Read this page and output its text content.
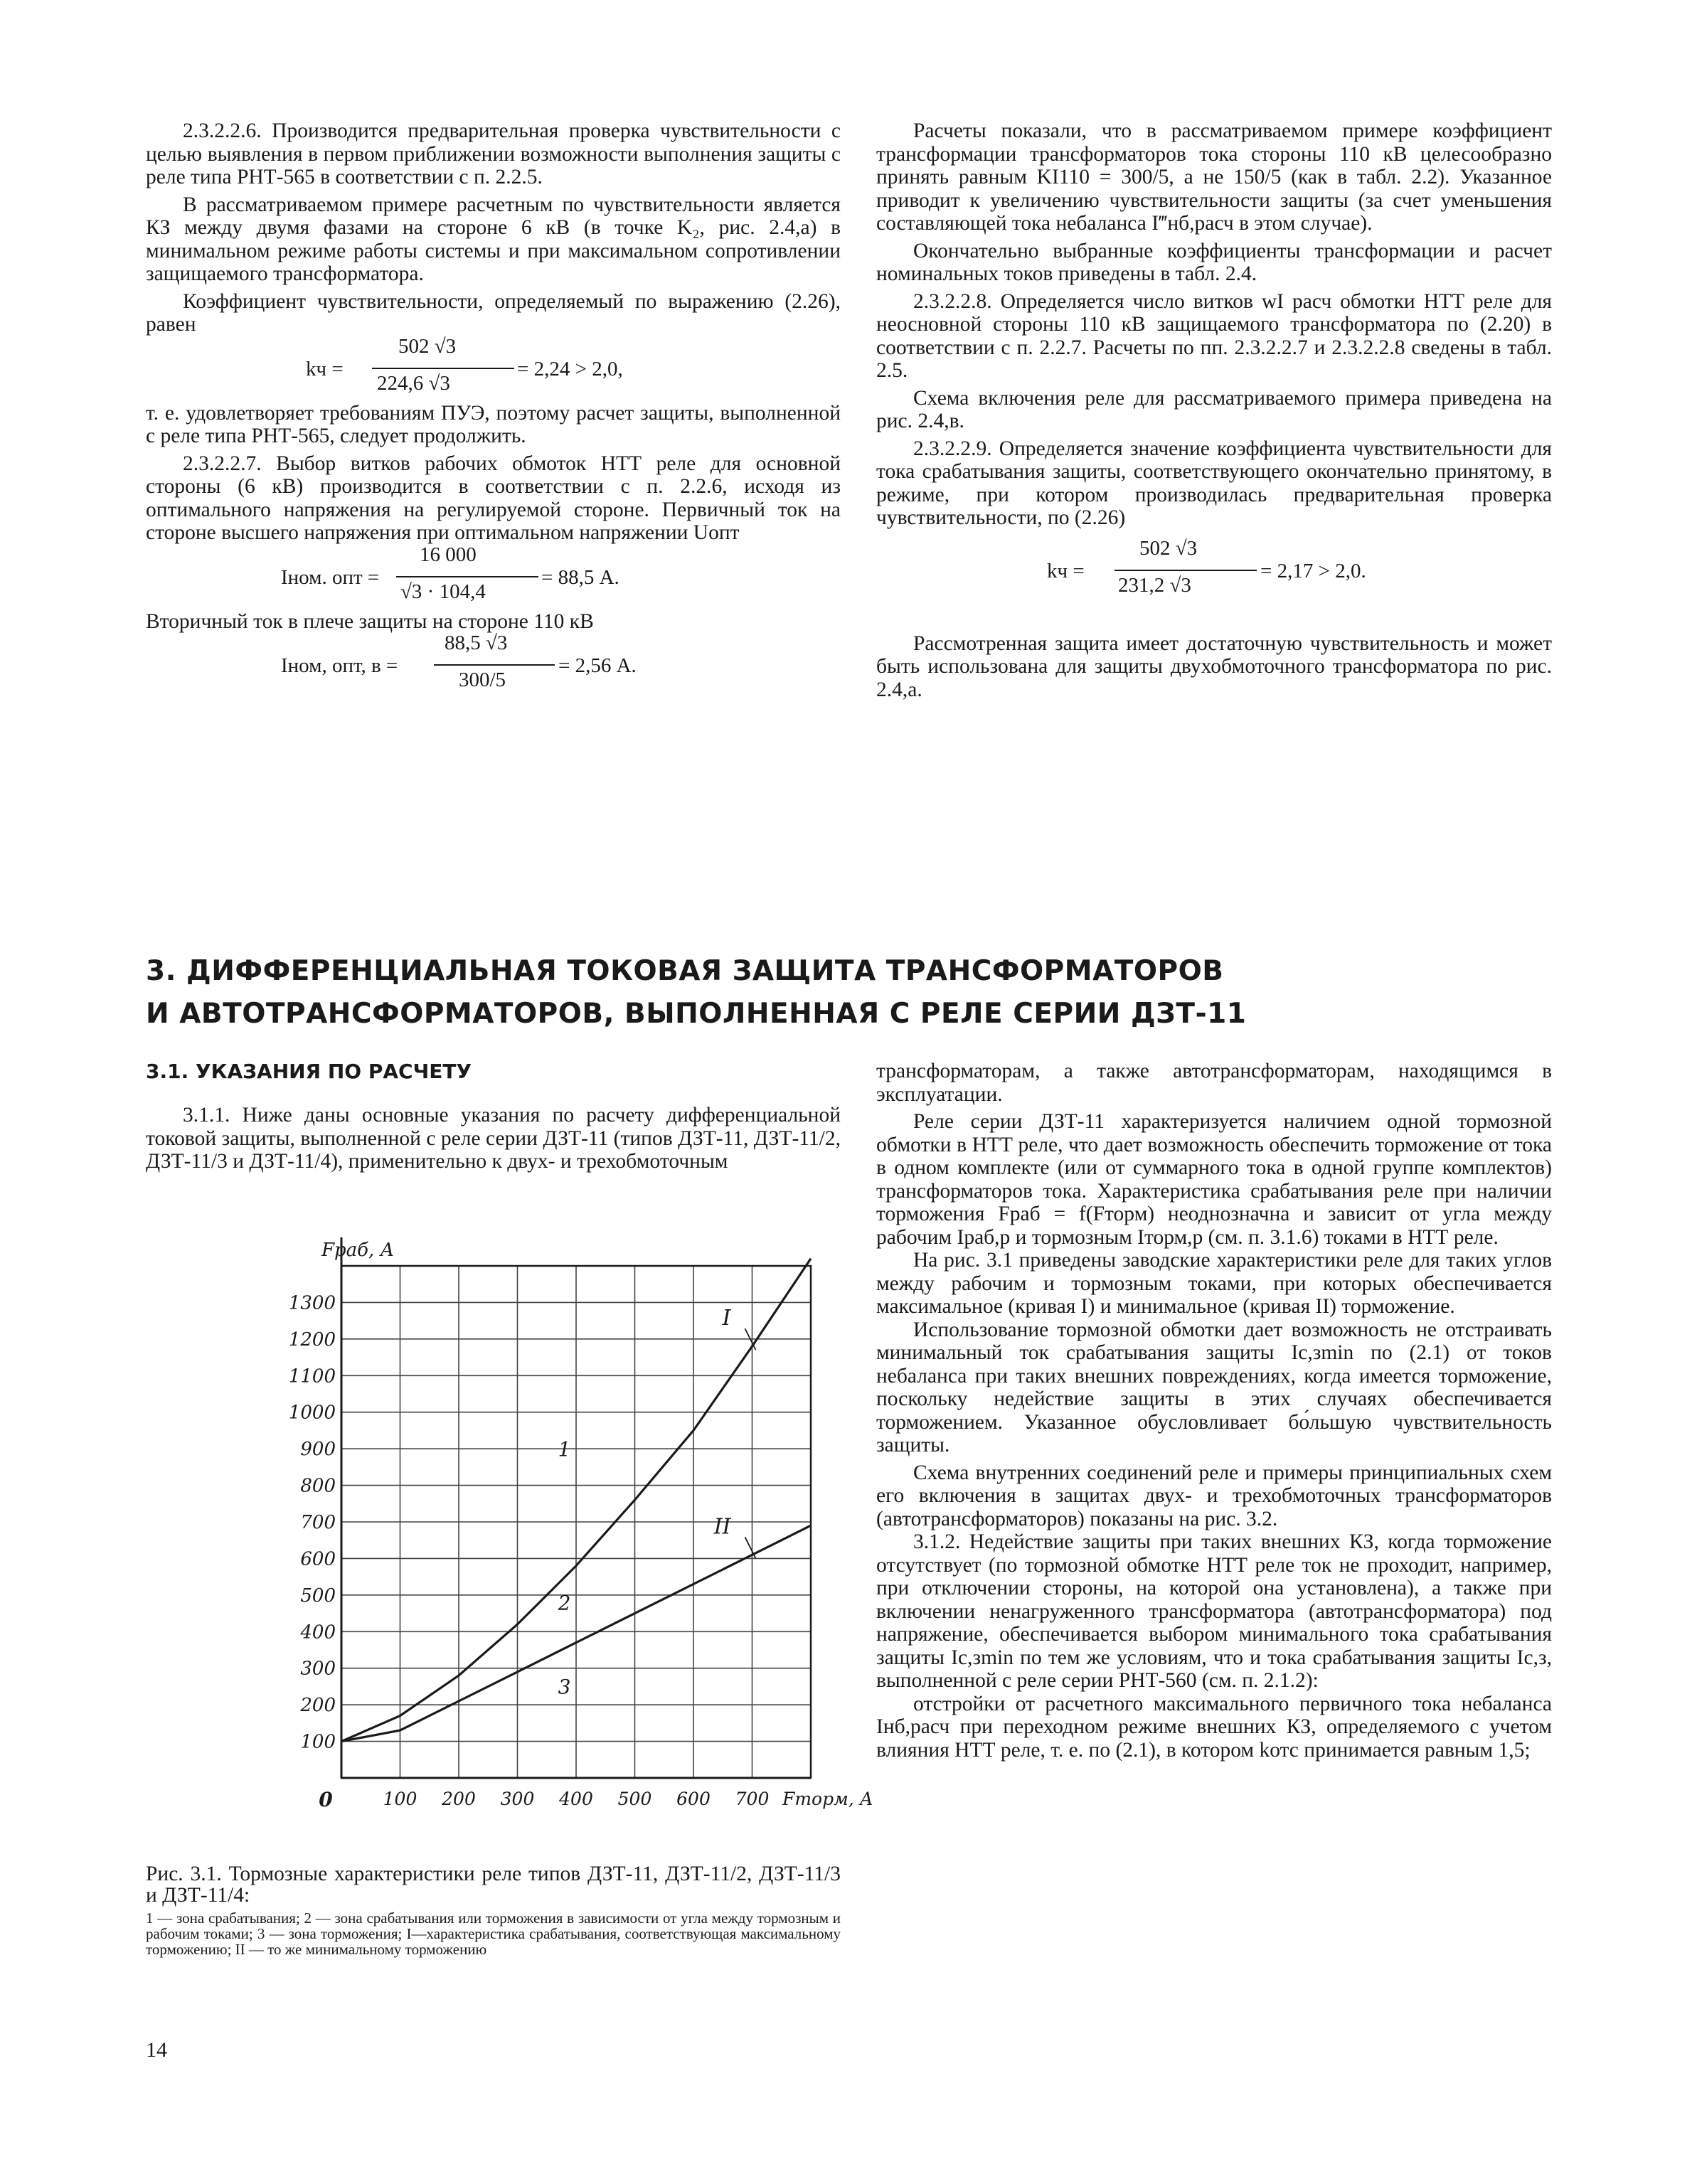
2.3.2.2.6. Производится предварительная проверка чувствительности с целью выявления в первом приближении возможности выполнения защиты с реле типа РНТ-565 в соответствии с п. 2.2.5.

В рассматриваемом примере расчетным по чувствительности является КЗ между двумя фазами на стороне 6 кВ (в точке K₂, рис. 2.4,а) в минимальном режиме работы системы и при максимальном сопротивлении защищаемого трансформатора.

Коэффициент чувствительности, определяемый по выражению (2.26), равен

kч =
502 √3
224,6 √3
= 2,24 > 2,0,

т. е. удовлетворяет требованиям ПУЭ, поэтому расчет защиты, выполненной с реле типа РНТ-565, следует продолжить.

2.3.2.2.7. Выбор витков рабочих обмоток НТТ реле для основной стороны (6 кВ) производится в соответствии с п. 2.2.6, исходя из оптимального напряжения на регулируемой стороне. Первичный ток на стороне высшего напряжения при оптимальном напряжении Uопт

Iном. опт =
16 000
√3 · 104,4
= 88,5 А.

Вторичный ток в плече защиты на стороне 110 кВ

Iном, опт, в =
88,5 √3
300/5
= 2,56 А.

Расчеты показали, что в рассматриваемом примере коэффициент трансформации трансформаторов тока стороны 110 кВ целесообразно принять равным KI110 = 300/5, а не 150/5 (как в табл. 2.2). Указанное приводит к увеличению чувствительности защиты (за счет уменьшения составляющей тока небаланса I‴нб,расч в этом случае).

Окончательно выбранные коэффициенты трансформации и расчет номинальных токов приведены в табл. 2.4.

2.3.2.2.8. Определяется число витков wI расч обмотки НТТ реле для неосновной стороны 110 кВ защищаемого трансформатора по (2.20) в соответствии с п. 2.2.7. Расчеты по пп. 2.3.2.2.7 и 2.3.2.2.8 сведены в табл. 2.5.

Схема включения реле для рассматриваемого примера приведена на рис. 2.4,в.

2.3.2.2.9. Определяется значение коэффициента чувствительности для тока срабатывания защиты, соответствующего окончательно принятому, в режиме, при котором производилась предварительная проверка чувствительности, по (2.26)

kч =
502 √3
231,2 √3
= 2,17 > 2,0.

Рассмотренная защита имеет достаточную чувствительность и может быть использована для защиты двухобмоточного трансформатора по рис. 2.4,а.

3. ДИФФЕРЕНЦИАЛЬНАЯ ТОКОВАЯ ЗАЩИТА ТРАНСФОРМАТОРОВ
И АВТОТРАНСФОРМАТОРОВ, ВЫПОЛНЕННАЯ С РЕЛЕ СЕРИИ ДЗТ-11
3.1. УКАЗАНИЯ ПО РАСЧЕТУ

3.1.1. Ниже даны основные указания по расчету дифференциальной токовой защиты, выполненной с реле серии ДЗТ-11 (типов ДЗТ-11, ДЗТ-11/2, ДЗТ-11/3 и ДЗТ-11/4), применительно к двух- и трехобмоточным

100
200
300
400
500
600
700
800
900
1000
1100
1200
1300
100 200 300 400 500 600 700
0
Fраб, А
Fторм, А
I
II
1
2
3
Рис. 3.1. Тормозные характеристики реле типов ДЗТ-11, ДЗТ-11/2, ДЗТ-11/3 и ДЗТ-11/4:
1 — зона срабатывания; 2 — зона срабатывания или торможения в зависимости от угла между тормозным и рабочим токами; 3 — зона торможения; I—характеристика срабатывания, соответствующая максимальному торможению; II — то же минимальному торможению
14

трансформаторам, а также автотрансформаторам, находящимся в эксплуатации.

Реле серии ДЗТ-11 характеризуется наличием одной тормозной обмотки в НТТ реле, что дает возможность обеспечить торможение от тока в одном комплекте (или от суммарного тока в одной группе комплектов) трансформаторов тока. Характеристика срабатывания реле при наличии торможения Fраб = f(Fторм) неоднозначна и зависит от угла между рабочим Iраб,р и тормозным Iторм,р (см. п. 3.1.6) токами в НТТ реле.

На рис. 3.1 приведены заводские характеристики реле для таких углов между рабочим и тормозным токами, при которых обеспечивается максимальное (кривая I) и минимальное (кривая II) торможение.

Использование тормозной обмотки дает возможность не отстраивать минимальный ток срабатывания защиты Iс,зmin по (2.1) от токов небаланса при таких внешних повреждениях, когда имеется торможение, поскольку недействие защиты в этих случаях обеспечивается торможением. Указанное обусловливает бо́льшую чувствительность защиты.

Схема внутренних соединений реле и примеры принципиальных схем его включения в защитах двух- и трехобмоточных трансформаторов (автотрансформаторов) показаны на рис. 3.2.

3.1.2. Недействие защиты при таких внешних КЗ, когда торможение отсутствует (по тормозной обмотке НТТ реле ток не проходит, например, при отключении стороны, на которой она установлена), а также при включении ненагруженного трансформатора (автотрансформатора) под напряжение, обеспечивается выбором минимального тока срабатывания защиты Iс,зmin по тем же условиям, что и тока срабатывания защиты Iс,з, выполненной с реле серии РНТ-560 (см. п. 2.1.2):

отстройки от расчетного максимального первичного тока небаланса Iнб,расч при переходном режиме внешних КЗ, определяемого с учетом влияния НТТ реле, т. е. по (2.1), в котором kотс принимается равным 1,5;
